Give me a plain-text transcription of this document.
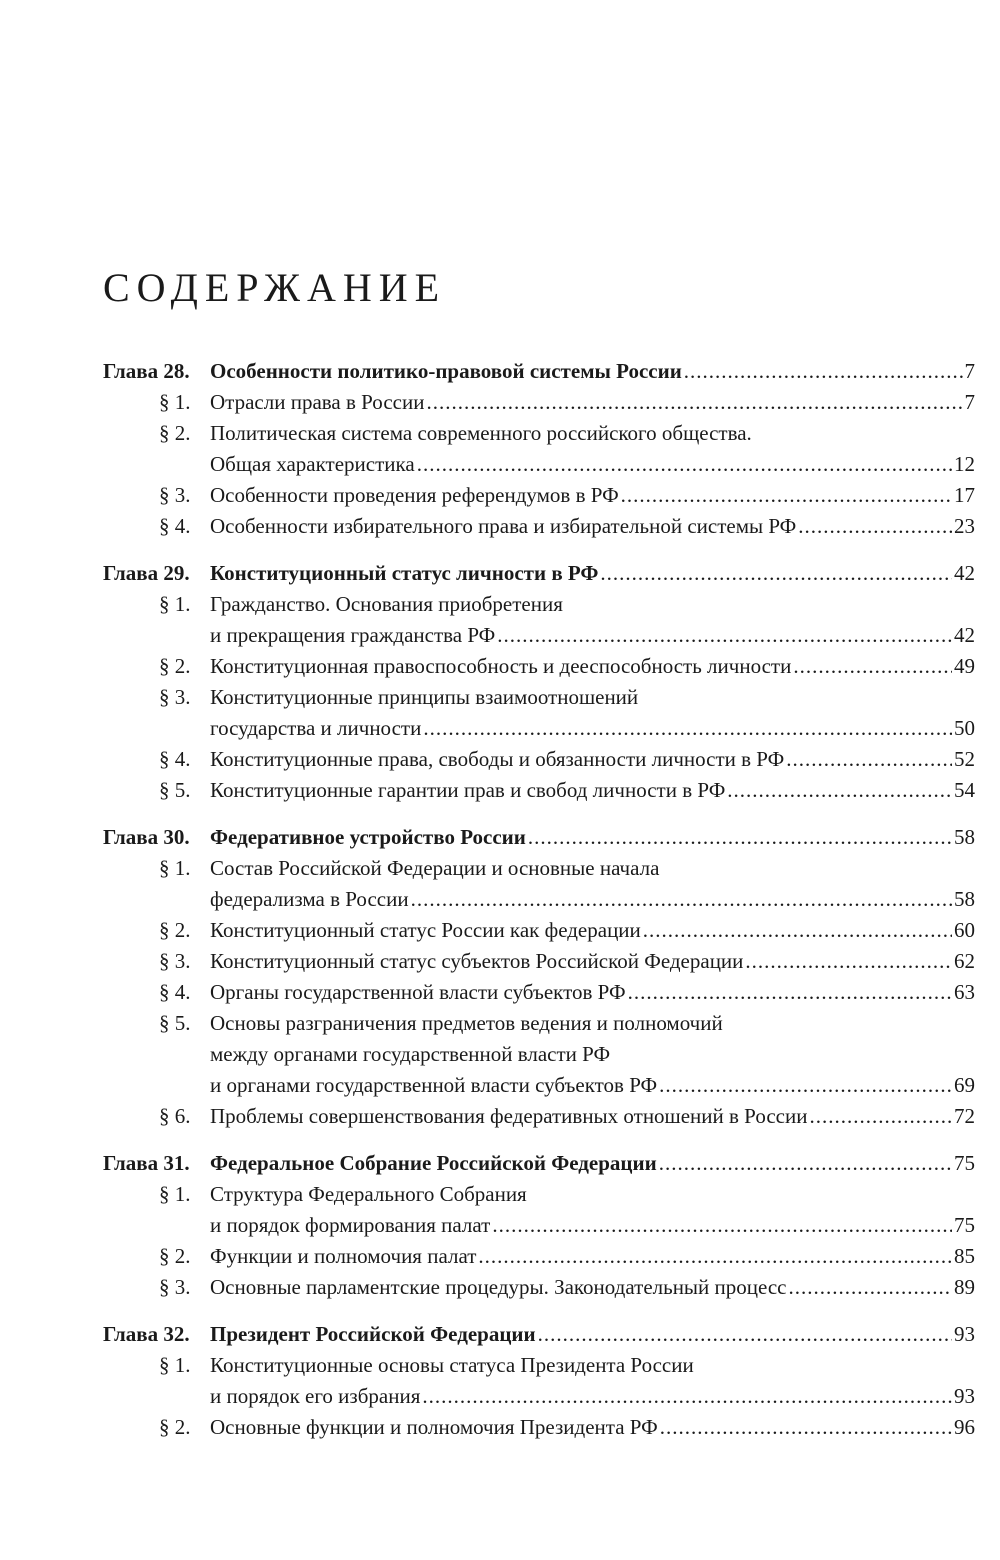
СОДЕРЖАНИЕ
Глава 28. Особенности политико-правовой системы России .....	7
§ 1. Отрасли права в России .....	7
§ 2. Политическая система современного российского общества.
Общая характеристика .....	12
§ 3. Особенности проведения референдумов в РФ .....	17
§ 4. Особенности избирательного права и избирательной системы РФ .....	23
Глава 29. Конституционный статус личности в РФ .....	42
§ 1. Гражданство. Основания приобретения
и прекращения гражданства РФ .....	42
§ 2. Конституционная правоспособность и дееспособность личности .....	49
§ 3. Конституционные принципы взаимоотношений
государства и личности .....	50
§ 4. Конституционные права, свободы и обязанности личности в РФ .....	52
§ 5. Конституционные гарантии прав и свобод личности в РФ .....	54
Глава 30. Федеративное устройство России .....	58
§ 1. Состав Российской Федерации и основные начала
федерализма в России .....	58
§ 2. Конституционный статус России как федерации .....	60
§ 3. Конституционный статус субъектов Российской Федерации .....	62
§ 4. Органы государственной власти субъектов РФ .....	63
§ 5. Основы разграничения предметов ведения и полномочий
между органами государственной власти РФ
и органами государственной власти субъектов РФ .....	69
§ 6. Проблемы совершенствования федеративных отношений в России .....	72
Глава 31. Федеральное Собрание Российской Федерации .....	75
§ 1. Структура Федерального Собрания
и порядок формирования палат .....	75
§ 2. Функции и полномочия палат .....	85
§ 3. Основные парламентские процедуры. Законодательный процесс .....	89
Глава 32. Президент Российской Федерации .....	93
§ 1. Конституционные основы статуса Президента России
и порядок его избрания .....	93
§ 2. Основные функции и полномочия Президента РФ .....	96
